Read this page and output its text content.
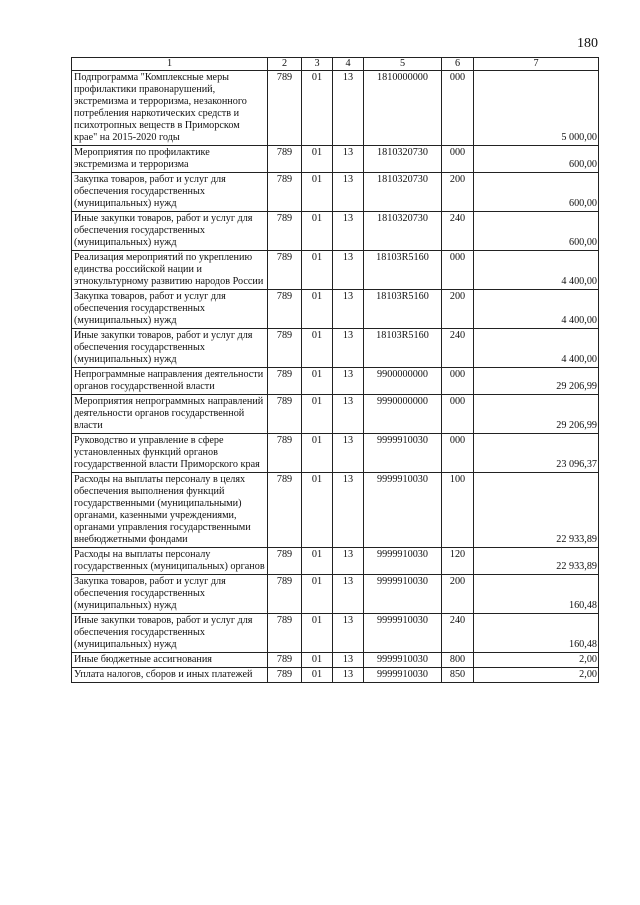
180
1	2	3	4	5	6	7
Подпрограмма "Комплексные меры профилактики правонарушений, экстремизма и терроризма, незаконного потребления наркотических средств и психотропных веществ в Приморском крае" на 2015-2020 годы	789	01	13	1810000000	000	5 000,00
Мероприятия по профилактике экстремизма и терроризма	789	01	13	1810320730	000	600,00
Закупка товаров, работ и услуг для обеспечения государственных (муниципальных) нужд	789	01	13	1810320730	200	600,00
Иные закупки товаров, работ и услуг для обеспечения государственных (муниципальных) нужд	789	01	13	1810320730	240	600,00
Реализация мероприятий по укреплению единства российской нации и этнокультурному развитию народов России	789	01	13	18103R5160	000	4 400,00
Закупка товаров, работ и услуг для обеспечения государственных (муниципальных) нужд	789	01	13	18103R5160	200	4 400,00
Иные закупки товаров, работ и услуг для обеспечения государственных (муниципальных) нужд	789	01	13	18103R5160	240	4 400,00
Непрограммные направления деятельности органов государственной власти	789	01	13	9900000000	000	29 206,99
Мероприятия непрограммных направлений деятельности органов государственной власти	789	01	13	9990000000	000	29 206,99
Руководство и управление в сфере установленных функций органов государственной власти Приморского края	789	01	13	9999910030	000	23 096,37
Расходы на выплаты персоналу в целях обеспечения выполнения функций государственными (муниципальными) органами, казенными учреждениями, органами управления государственными внебюджетными фондами	789	01	13	9999910030	100	22 933,89
Расходы на выплаты персоналу государственных (муниципальных) органов	789	01	13	9999910030	120	22 933,89
Закупка товаров, работ и услуг для обеспечения государственных (муниципальных) нужд	789	01	13	9999910030	200	160,48
Иные закупки товаров, работ и услуг для обеспечения государственных (муниципальных) нужд	789	01	13	9999910030	240	160,48
Иные бюджетные ассигнования	789	01	13	9999910030	800	2,00
Уплата налогов, сборов и иных платежей	789	01	13	9999910030	850	2,00
